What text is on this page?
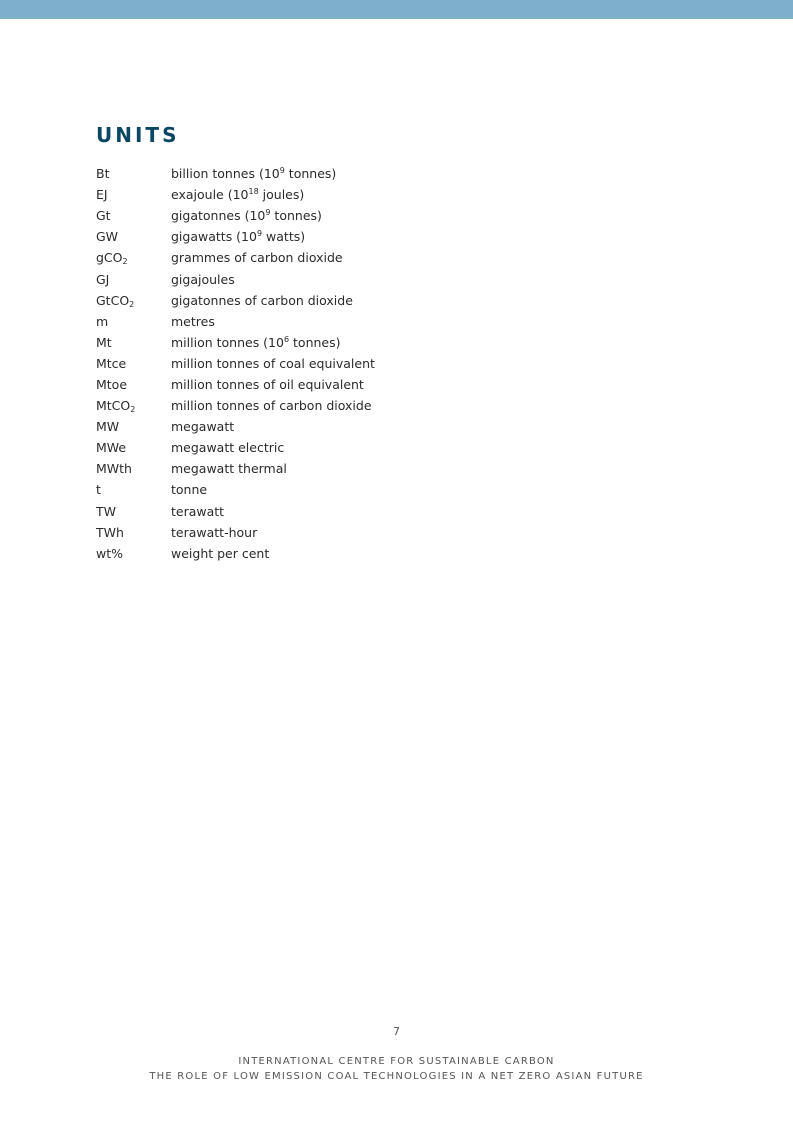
UNITS
Bt	billion tonnes ($10^9$ tonnes)
EJ	exajoule ($10^{18}$ joules)
Gt	gigatonnes ($10^9$ tonnes)
GW	gigawatts ($10^9$ watts)
gCO$_2$	grammes of carbon dioxide
GJ	gigajoules
GtCO$_2$	gigatonnes of carbon dioxide
m	metres
Mt	million tonnes ($10^6$ tonnes)
Mtce	million tonnes of coal equivalent
Mtoe	million tonnes of oil equivalent
MtCO$_2$	million tonnes of carbon dioxide
MW	megawatt
MWe	megawatt electric
MWth	megawatt thermal
t	tonne
TW	terawatt
TWh	terawatt-hour
wt%	weight per cent
7
INTERNATIONAL CENTRE FOR SUSTAINABLE CARBON
THE ROLE OF LOW EMISSION COAL TECHNOLOGIES IN A NET ZERO ASIAN FUTURE
